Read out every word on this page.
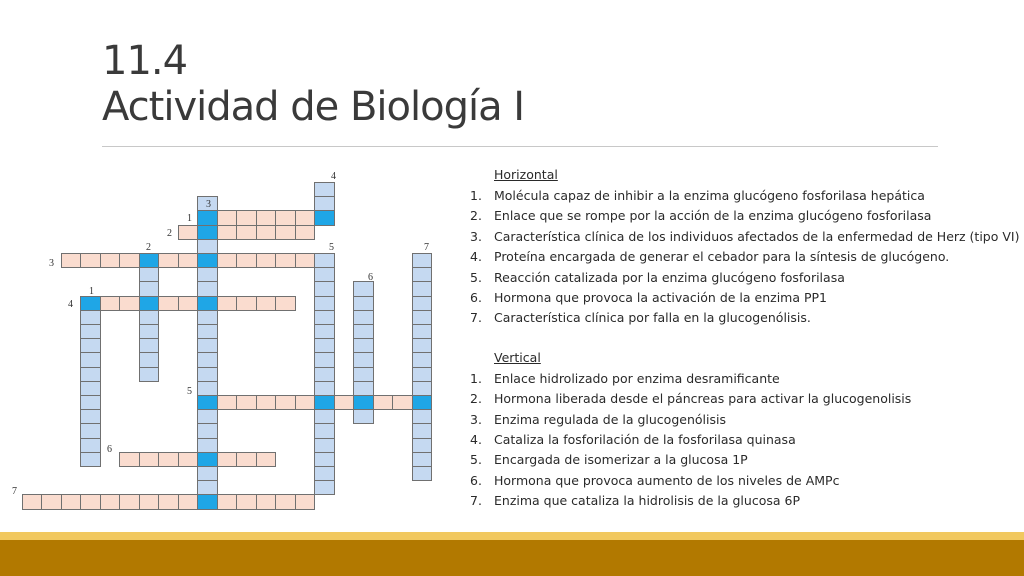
11.4
Actividad de Biología I
4
3
1
2
2	5	7
3
6
1
4
5
6
7
Horizontal
1. Molécula capaz de inhibir a la enzima glucógeno fosforilasa hepática
2. Enlace que se rompe por la acción de la enzima glucógeno fosforilasa
3. Característica clínica de los individuos afectados de la enfermedad de Herz (tipo VI)
4. Proteína encargada de generar el cebador para la síntesis de glucógeno.
5. Reacción catalizada por la enzima glucógeno fosforilasa
6. Hormona que provoca la activación de la enzima PP1
7. Característica clínica por falla en la glucogenólisis.
Vertical
1. Enlace hidrolizado por enzima desramificante
2. Hormona liberada desde el páncreas para activar la glucogenolisis
3. Enzima regulada de la glucogenólisis
4. Cataliza la fosforilación de la fosforilasa quinasa
5. Encargada de isomerizar a la glucosa 1P
6. Hormona que provoca aumento de los niveles de AMPc
7. Enzima que cataliza la hidrolisis de la glucosa 6P
